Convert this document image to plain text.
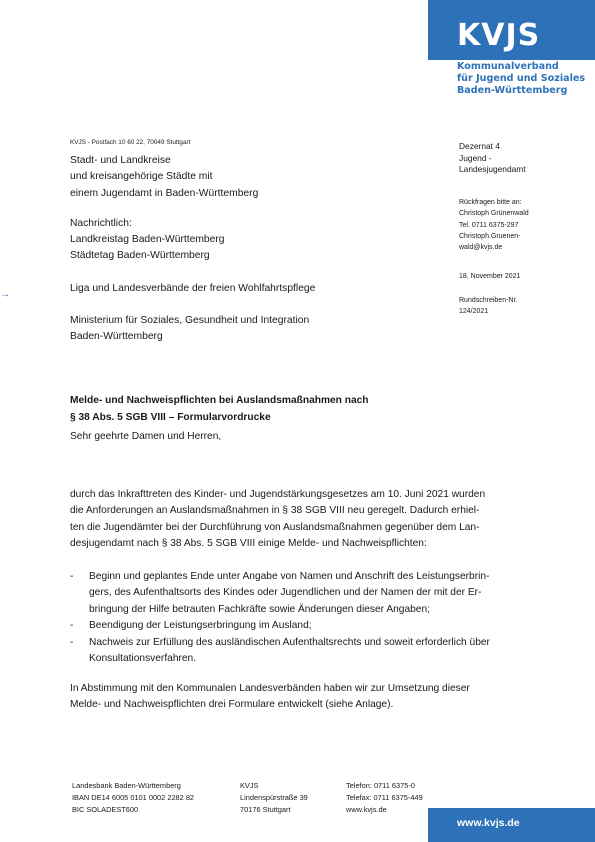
KVJS
Kommunalverband
für Jugend und Soziales
Baden-Württemberg
KVJS - Postfach 10 60 22, 70049 Stuttgart
Stadt- und Landkreise
und kreisangehörige Städte mit
einem Jugendamt in Baden-Württemberg
Nachrichtlich:
Landkreistag Baden-Württemberg
Städtetag Baden-Württemberg
Liga und Landesverbände der freien Wohlfahrtspflege
Ministerium für Soziales, Gesundheit und Integration
Baden-Württemberg
→
Dezernat 4
Jugend -
Landesjugendamt
Rückfragen bitte an:
Christoph Grünenwald
Tel. 0711 6375-297
Christoph.Gruenen-
wald@kvjs.de
18. November 2021
Rundschreiben-Nr.
124/2021
Melde- und Nachweispflichten bei Auslandsmaßnahmen nach
§ 38 Abs. 5 SGB VIII – Formularvordrucke
Sehr geehrte Damen und Herren,
durch das Inkrafttreten des Kinder- und Jugendstärkungsgesetzes am 10. Juni 2021 wurden
die Anforderungen an Auslandsmaßnahmen in § 38 SGB VIII neu geregelt. Dadurch erhiel-
ten die Jugendämter bei der Durchführung von Auslandsmaßnahmen gegenüber dem Lan-
desjugendamt nach § 38 Abs. 5 SGB VIII einige Melde- und Nachweispflichten:
- Beginn und geplantes Ende unter Angabe von Namen und Anschrift des Leistungserbrin-
gers, des Aufenthaltsorts des Kindes oder Jugendlichen und der Namen der mit der Er-
bringung der Hilfe betrauten Fachkräfte sowie Änderungen dieser Angaben;
- Beendigung der Leistungserbringung im Ausland;
- Nachweis zur Erfüllung des ausländischen Aufenthaltsrechts und soweit erforderlich über
Konsultationsverfahren.
In Abstimmung mit den Kommunalen Landesverbänden haben wir zur Umsetzung dieser
Melde- und Nachweispflichten drei Formulare entwickelt (siehe Anlage).
Landesbank Baden-Württemberg
IBAN DE14 6005 0101 0002 2282 82
BIC SOLADEST600
KVJS
Lindenspürstraße 39
70176 Stuttgart
Telefon: 0711 6375-0
Telefax: 0711 6375-449
www.kvjs.de
www.kvjs.de
